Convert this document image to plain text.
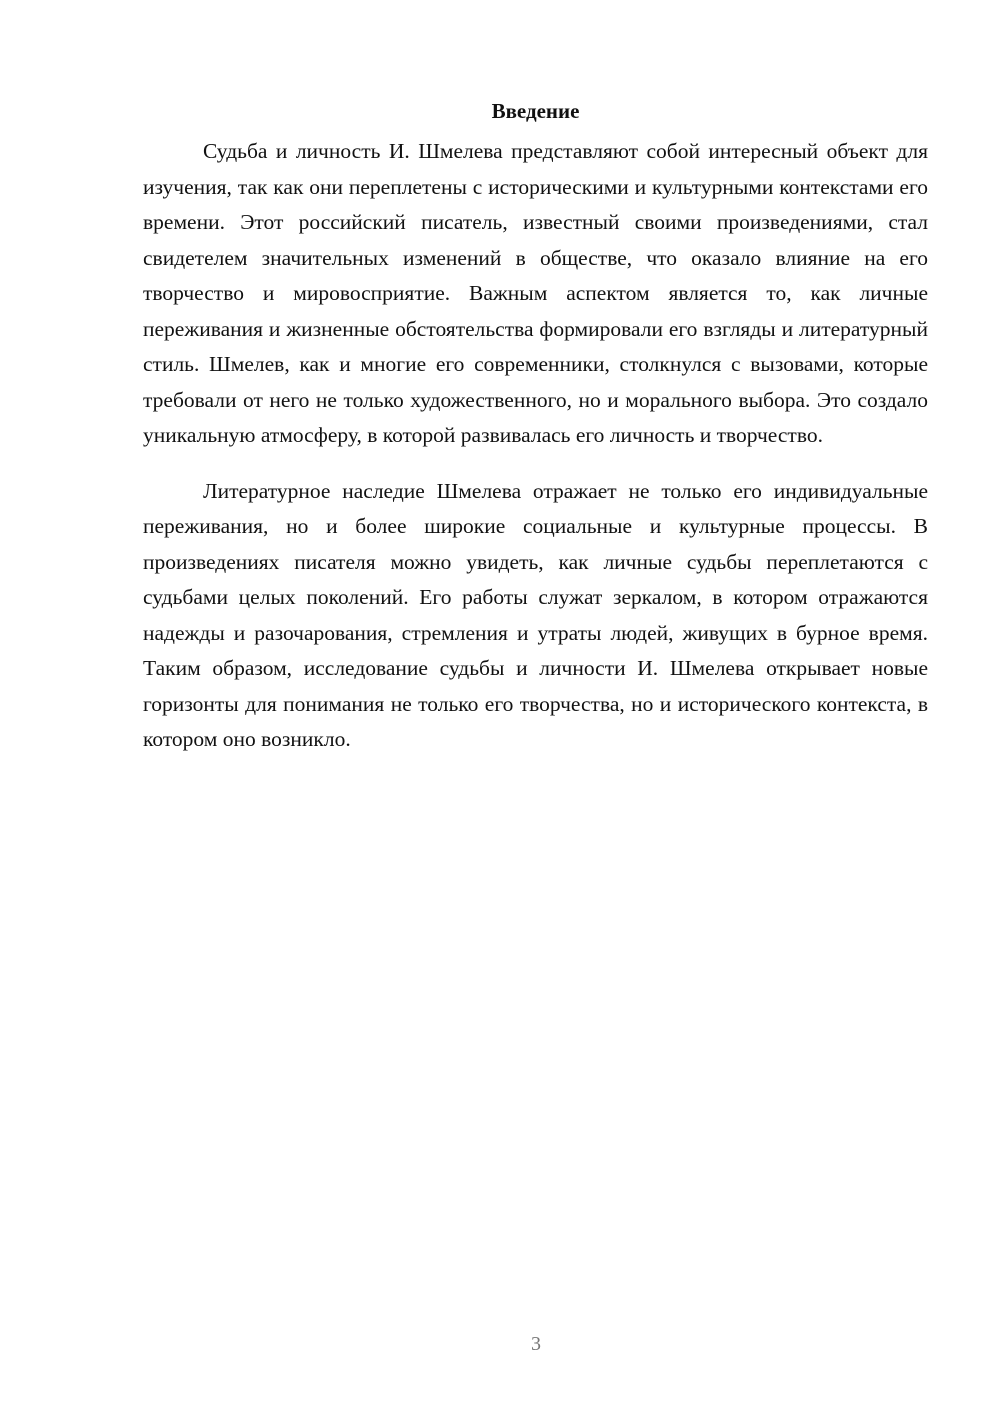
Введение

Судьба и личность И. Шмелева представляют собой интересный объект для изучения, так как они переплетены с историческими и культурными контекстами его времени. Этот российский писатель, известный своими произведениями, стал свидетелем значительных изменений в обществе, что оказало влияние на его творчество и мировосприятие. Важным аспектом является то, как личные переживания и жизненные обстоятельства формировали его взгляды и литературный стиль. Шмелев, как и многие его современники, столкнулся с вызовами, которые требовали от него не только художественного, но и морального выбора. Это создало уникальную атмосферу, в которой развивалась его личность и творчество.

Литературное наследие Шмелева отражает не только его индивидуальные переживания, но и более широкие социальные и культурные процессы. В произведениях писателя можно увидеть, как личные судьбы переплетаются с судьбами целых поколений. Его работы служат зеркалом, в котором отражаются надежды и разочарования, стремления и утраты людей, живущих в бурное время. Таким образом, исследование судьбы и личности И. Шмелева открывает новые горизонты для понимания не только его творчества, но и исторического контекста, в котором оно возникло.

3
